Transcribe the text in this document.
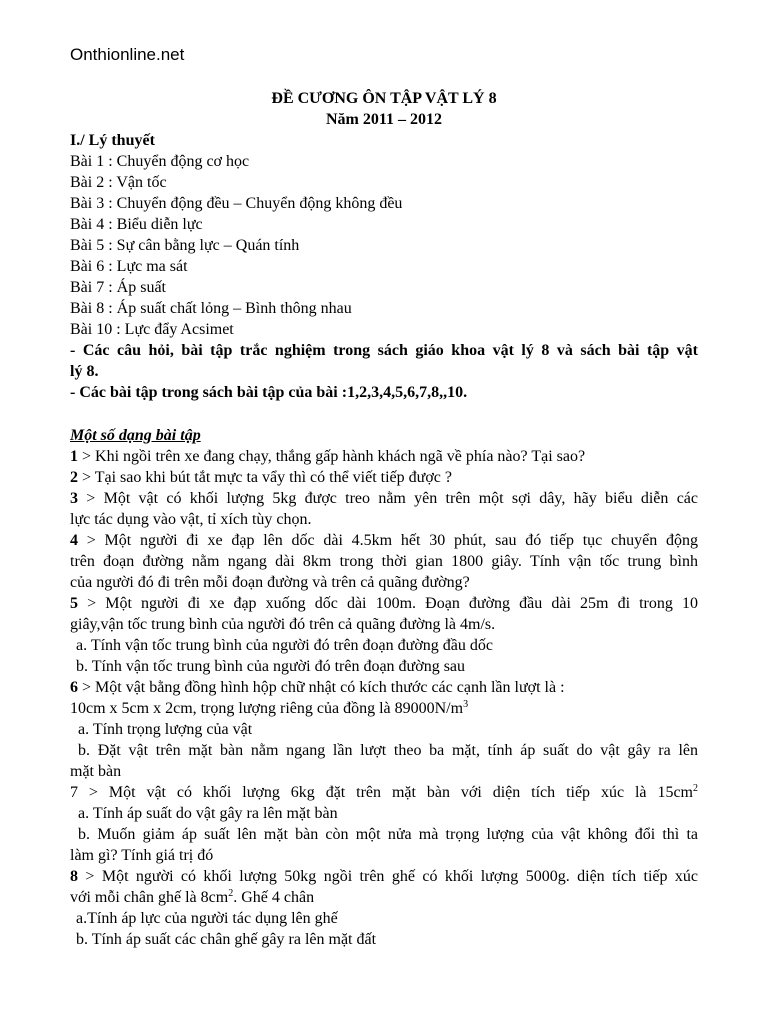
Onthionline.net
ĐỀ CƯƠNG ÔN TẬP VẬT LÝ 8
Năm 2011 – 2012
I./ Lý thuyết
Bài 1 : Chuyển động cơ học
Bài 2 : Vận tốc
Bài 3 : Chuyển động đều – Chuyển động không đều
Bài 4 : Biểu diễn lực
Bài 5 : Sự cân bằng lực – Quán tính
Bài 6 : Lực ma sát
Bài 7 : Áp suất
Bài 8 : Áp suất chất lỏng – Bình thông nhau
Bài 10 : Lực đẩy Acsimet
- Các câu hỏi, bài tập trắc nghiệm trong sách giáo khoa vật lý 8 và sách bài tập vật
lý 8.
- Các bài tập trong sách bài tập của bài :1,2,3,4,5,6,7,8,,10.
Một số dạng bài tập
1 > Khi ngồi trên xe đang chạy, thắng gấp hành khách ngã về phía nào? Tại sao?
2 > Tại sao khi bút tắt mực ta vẩy thì có thể viết tiếp được ?
3 > Một vật có khối lượng 5kg được treo nằm yên trên một sợi dây, hãy biểu diễn các
lực tác dụng vào vật, tỉ xích tùy chọn.
4 > Một người đi xe đạp lên dốc dài 4.5km hết 30 phút, sau đó tiếp tục chuyển động
trên đoạn đường nằm ngang dài 8km trong thời gian 1800 giây. Tính vận tốc trung bình
của người đó đi trên mỗi đoạn đường và trên cả quãng đường?
5 > Một người đi xe đạp xuống dốc dài 100m. Đoạn đường đầu dài 25m đi trong 10
giây,vận tốc trung bình của người đó trên cả quãng đường là 4m/s.
a. Tính vận tốc trung bình của người đó trên đoạn đường đầu dốc
b. Tính vận tốc trung bình của người đó trên đoạn đường sau
6 > Một vật bằng đồng hình hộp chữ nhật có kích thước các cạnh lần lượt là :
10cm x 5cm x 2cm, trọng lượng riêng của đồng là $89000N/m^3$
a. Tính trọng lượng của vật
b. Đặt vật trên mặt bàn nằm ngang lần lượt theo ba mặt, tính áp suất do vật gây ra lên
mặt bàn
7 > Một vật có khối lượng 6kg đặt trên mặt bàn với diện tích tiếp xúc là $15cm^2$
a. Tính áp suất do vật gây ra lên mặt bàn
b. Muốn giảm áp suất lên mặt bàn còn một nửa mà trọng lượng của vật không đổi thì ta
làm gì? Tính giá trị đó
8 > Một người có khối lượng 50kg ngồi trên ghế có khối lượng 5000g. diện tích tiếp xúc
với mỗi chân ghế là $8cm^2$. Ghế 4 chân
a.Tính áp lực của người tác dụng lên ghế
b. Tính áp suất các chân ghế gây ra lên mặt đất
